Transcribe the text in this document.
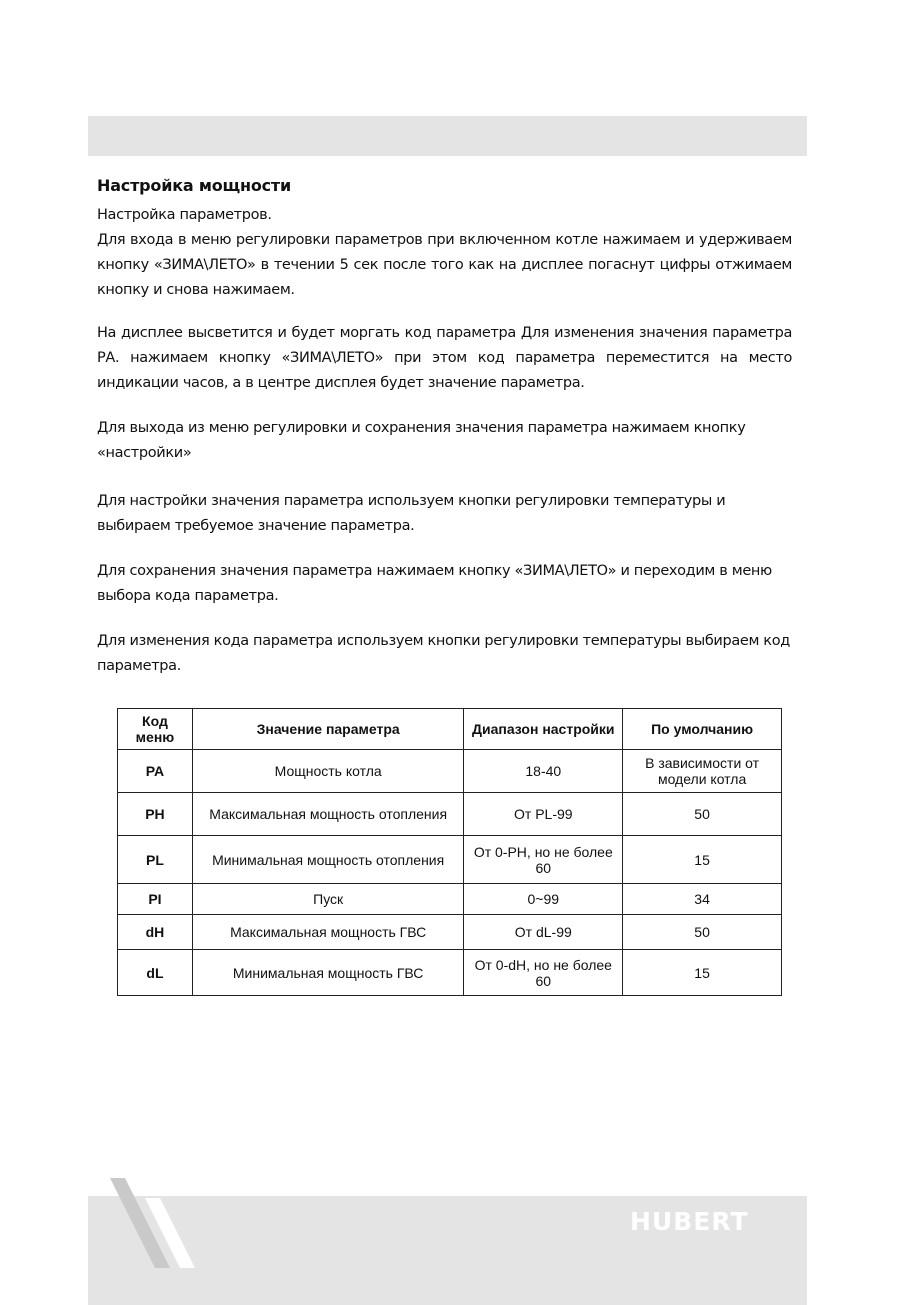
Настройка мощности

Настройка параметров.

Для входа в меню регулировки параметров при включенном котле нажимаем и удерживаем кнопку «ЗИМА\ЛЕТО» в течении 5 сек после того как на дисплее погаснут цифры отжимаем кнопку и снова нажимаем.

На дисплее высветится и будет моргать код параметра Для изменения значения параметра РА. нажимаем кнопку «ЗИМА\ЛЕТО» при этом код параметра переместится на место индикации часов, а в центре дисплея будет значение параметра.

Для выхода из меню регулировки и сохранения значения параметра нажимаем кнопку «настройки»

Для настройки значения параметра используем кнопки регулировки температуры и выбираем требуемое значение параметра.

Для сохранения значения параметра нажимаем кнопку «ЗИМА\ЛЕТО» и переходим в меню выбора кода параметра.

Для изменения кода параметра используем кнопки регулировки температуры выбираем код параметра.

Код меню	Значение параметра	Диапазон настройки	По умолчанию
PA	Мощность котла	18-40	В зависимости от модели котла
PH	Максимальная мощность отопления	От PL-99	50
PL	Минимальная мощность отопления	От 0-PH, но не более 60	15
PI	Пуск	0~99	34
dH	Максимальная мощность ГВС	От dL-99	50
dL	Минимальная мощность ГВС	От 0-dH, но не более 60	15
HUBERT
